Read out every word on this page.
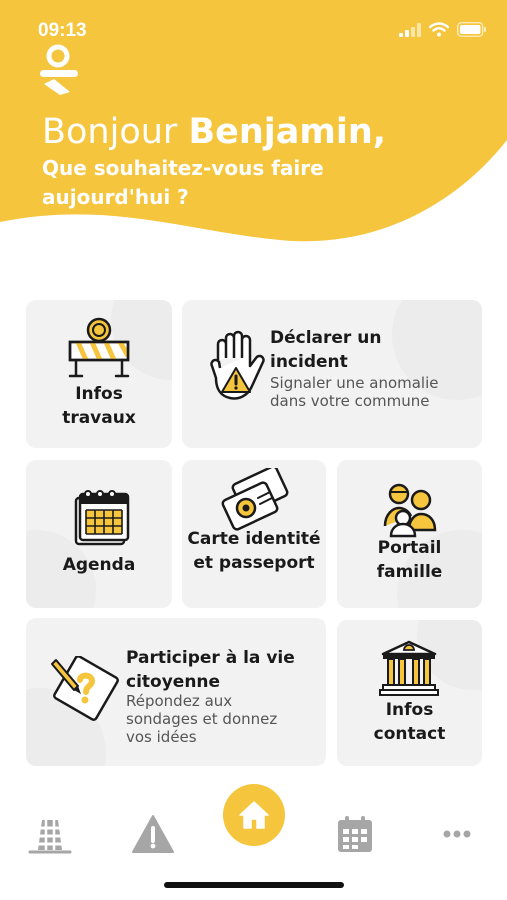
09:13
Bonjour Benjamin,
Que souhaitez-vous faire aujourd'hui ?
Infos travaux
Déclarer un incident
Signaler une anomalie dans votre commune
Agenda
Carte identité et passeport
Portail famille
Participer à la vie citoyenne
Répondez aux sondages et donnez vos idées
Infos contact
